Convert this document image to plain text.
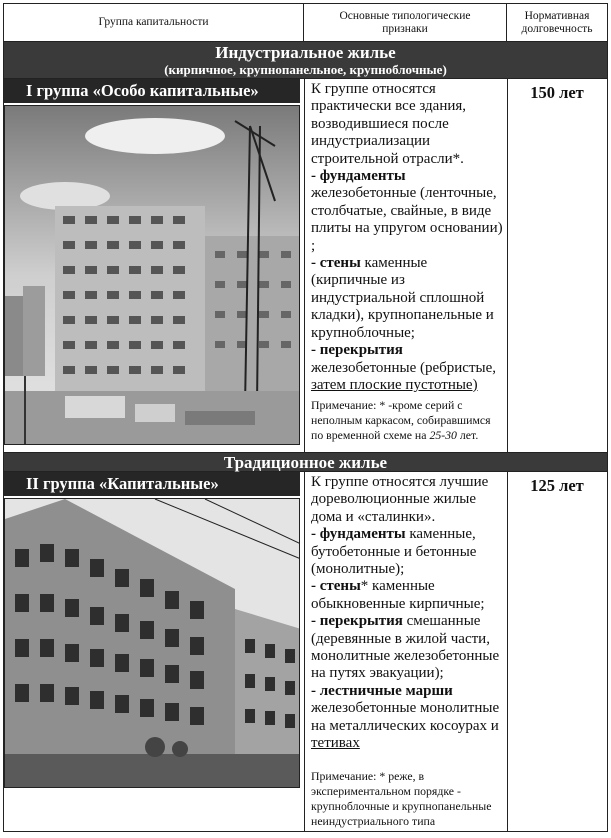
Группа капитальности
Основные типологические признаки
Нормативная долговечность
Индустриальное жилье
(кирпичное, крупнопанельное, крупноблочные)
I группа «Особо капитальные»	К группе относятся практически все здания, возводившиеся после индустриализации строительной отрасли*.
- фундаменты
железобетонные (ленточные, столбчатые, свайные, в виде плиты на упругом основании) ;
- стены каменные (кирпичные из индустриальной сплошной кладки), крупнопанельные и крупноблочные;
- перекрытия
железобетонные (ребристые,
затем плоские пустотные)
Примечание: * -кроме серий с неполным каркасом, собиравшимся по временной схеме на 25-30 лет.
150 лет
Традиционное жилье
II группа «Капитальные»	К группе относятся лучшие дореволюционные жилые дома и «сталинки».
- фундаменты каменные, бутобетонные и бетонные (монолитные);
- стены* каменные обыкновенные кирпичные;
- перекрытия смешанные (деревянные в жилой части, монолитные железобетонные на путях эвакуации);
- лестничные марши
железобетонные монолитные на металлических косоурах и
тетивах
Примечание: * реже, в экспериментальном порядке - крупноблочные и крупнопанельные неиндустриального типа
125 лет
